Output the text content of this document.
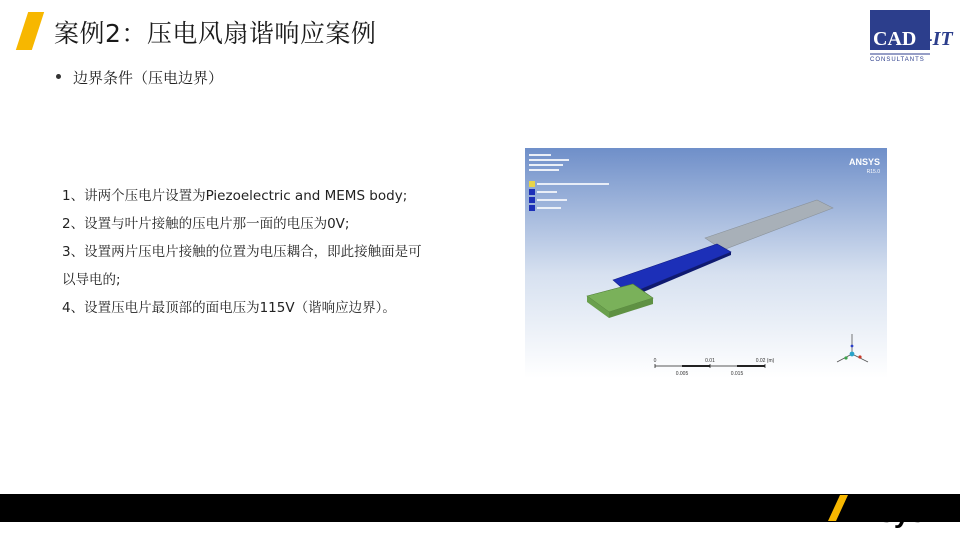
案例2：压电风扇谐响应案例	CAD -IT
CONSULTANTS
边界条件（压电边界）

1、讲两个压电片设置为Piezoelectric and MEMS body;

2、设置与叶片接触的压电片那一面的电压为0V;

3、设置两片压电片接触的位置为电压耦合，即此接触面是可

以导电的;

4、设置压电片最顶部的面电压为115V（谐响应边界）。

ANSYS
R15.0
0	0.01	0.02 (m)
0.005	0.015
Ansys
